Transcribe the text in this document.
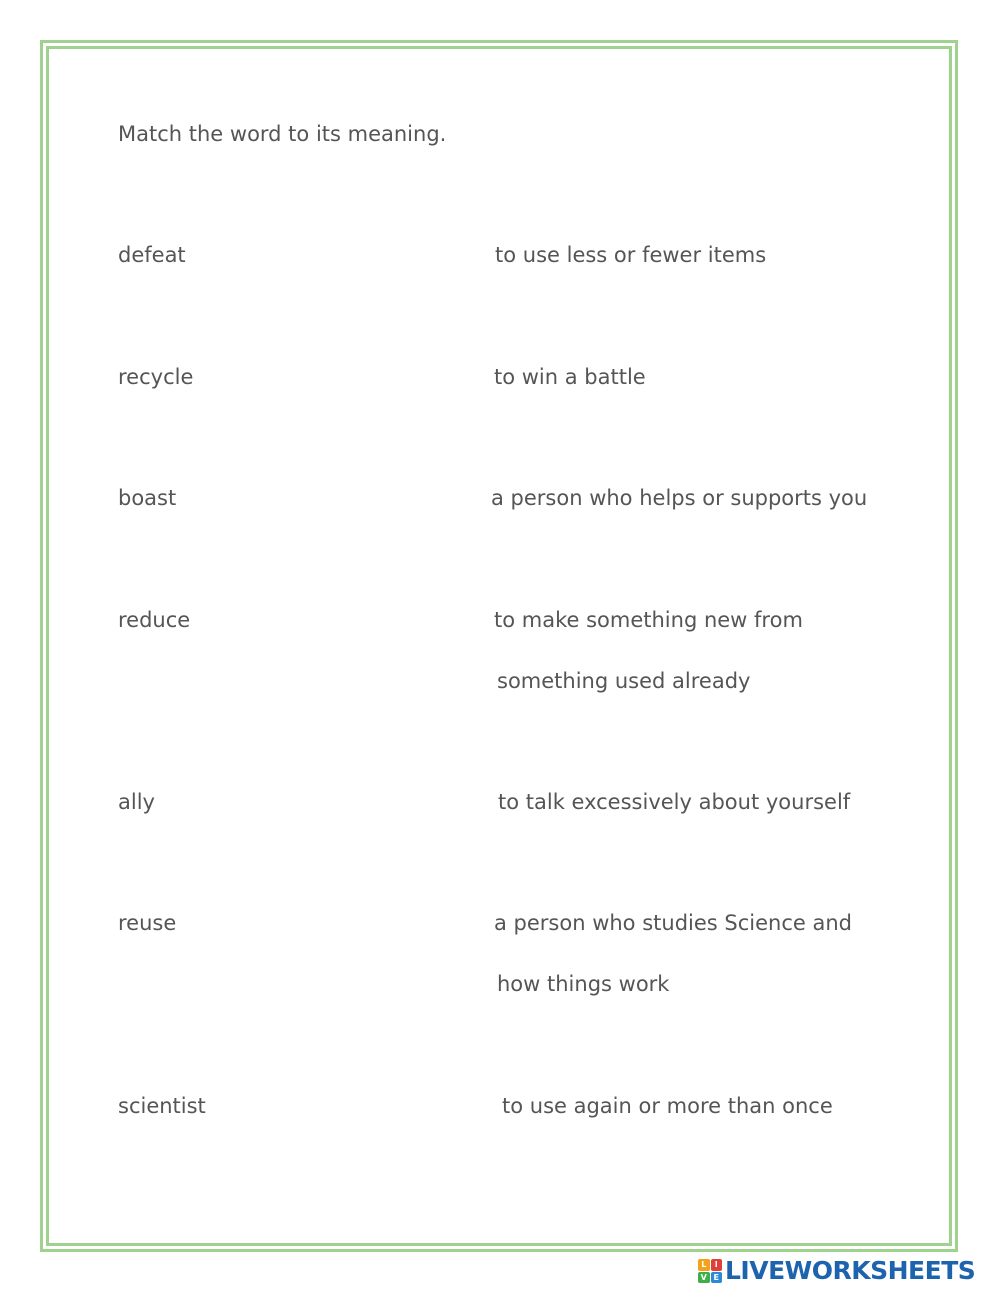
Match the word to its meaning.
defeat
recycle
boast
reduce
ally
reuse
scientist
to use less or fewer items
to win a battle
a person who helps or supports you
to make something new from
something used already
to talk excessively about yourself
a person who studies Science and
how things work
to use again or more than once
L	I
V E LIVEWORKSHEETS
